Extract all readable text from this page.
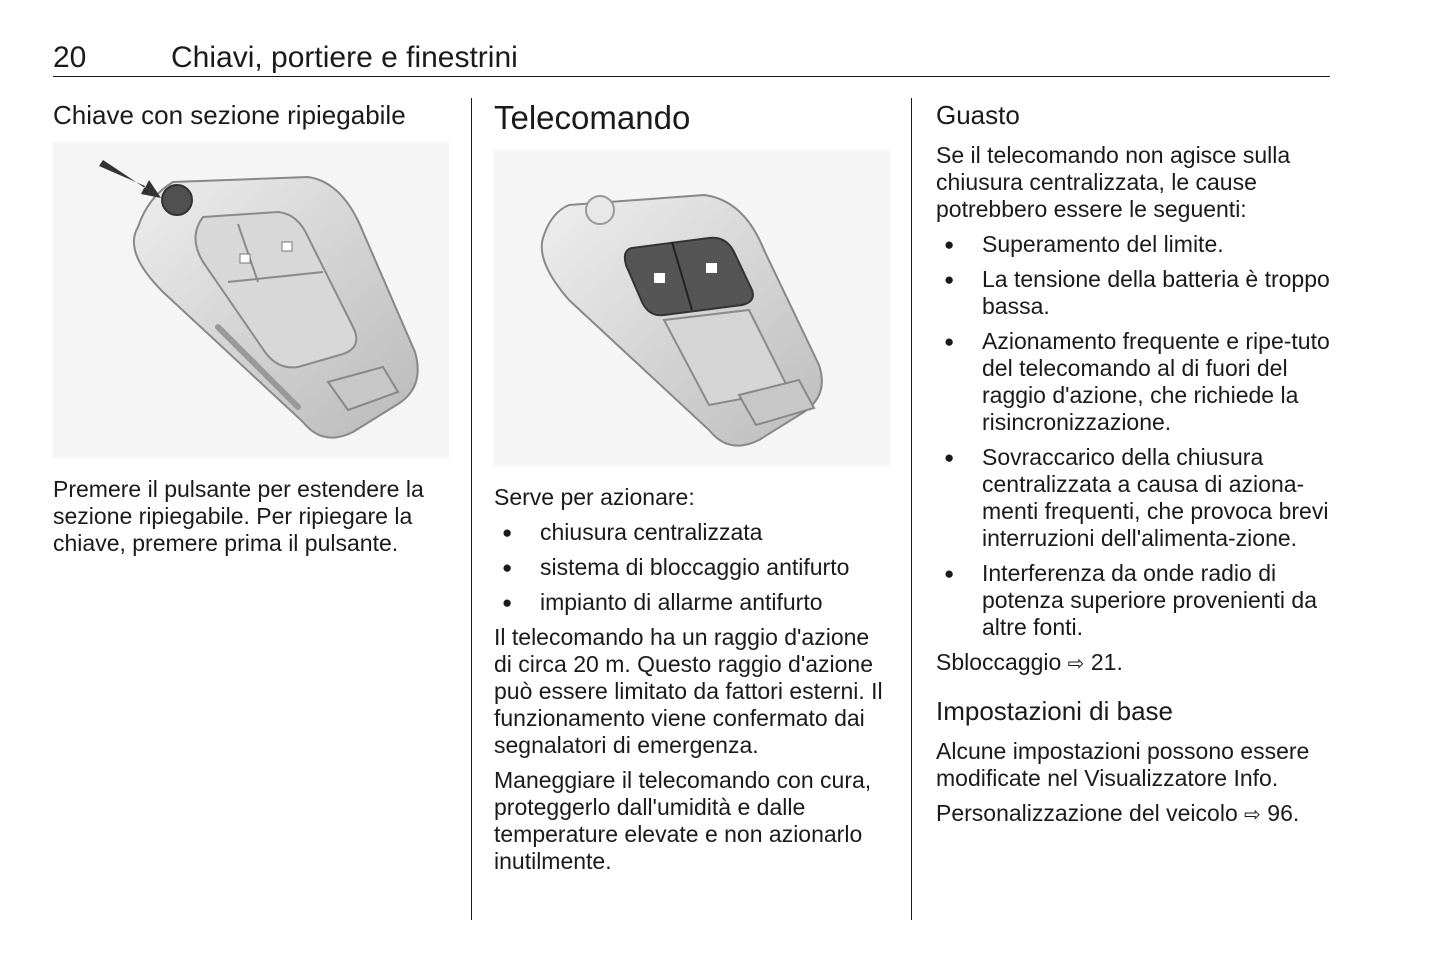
20	Chiavi, portiere e finestrini
Chiave con sezione ripiegabile

Premere il pulsante per estendere la sezione ripiegabile. Per ripiegare la chiave, premere prima il pulsante.

Telecomando

Serve per azionare:

● chiusura centralizzata
● sistema di bloccaggio antifurto
● impianto di allarme antifurto

Il telecomando ha un raggio d'azione di circa 20 m. Questo raggio d'azione può essere limitato da fattori esterni. Il funzionamento viene confermato dai segnalatori di emergenza.

Maneggiare il telecomando con cura, proteggerlo dall'umidità e dalle temperature elevate e non azionarlo inutilmente.

Guasto

Se il telecomando non agisce sulla chiusura centralizzata, le cause potrebbero essere le seguenti:

● Superamento del limite.
● La tensione della batteria è troppo bassa.
● Azionamento frequente e ripe-tuto del telecomando al di fuori del raggio d'azione, che richiede la risincronizzazione.
● Sovraccarico della chiusura centralizzata a causa di aziona-menti frequenti, che provoca brevi interruzioni dell'alimenta-zione.
● Interferenza da onde radio di potenza superiore provenienti da altre fonti.

Sbloccaggio ⇨ 21.

Impostazioni di base

Alcune impostazioni possono essere modificate nel Visualizzatore Info.

Personalizzazione del veicolo ⇨ 96.
